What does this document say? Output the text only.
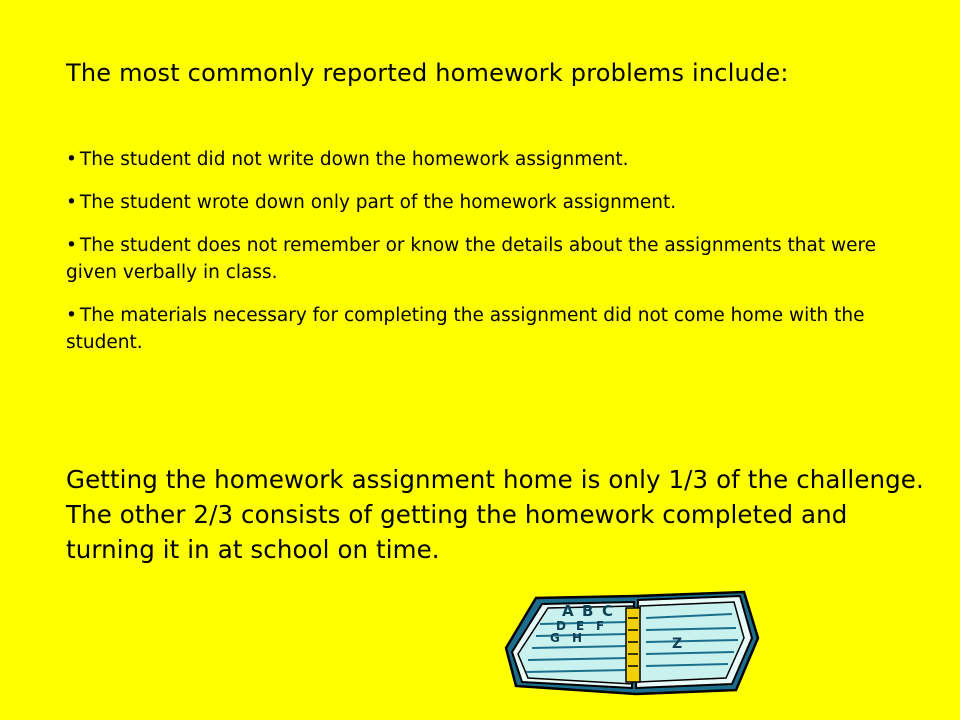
The most commonly reported homework problems include:
• The student did not write down the homework assignment.
• The student wrote down only part of the homework assignment.
• The student does not remember or know the details about the assignments that were given verbally in class.
• The materials necessary for completing the assignment did not come home with the student.
Getting the homework assignment home is only 1/3 of the challenge. The other 2/3 consists of getting the homework completed and turning it in at school on time.
A B C
D E F
G H	Z
